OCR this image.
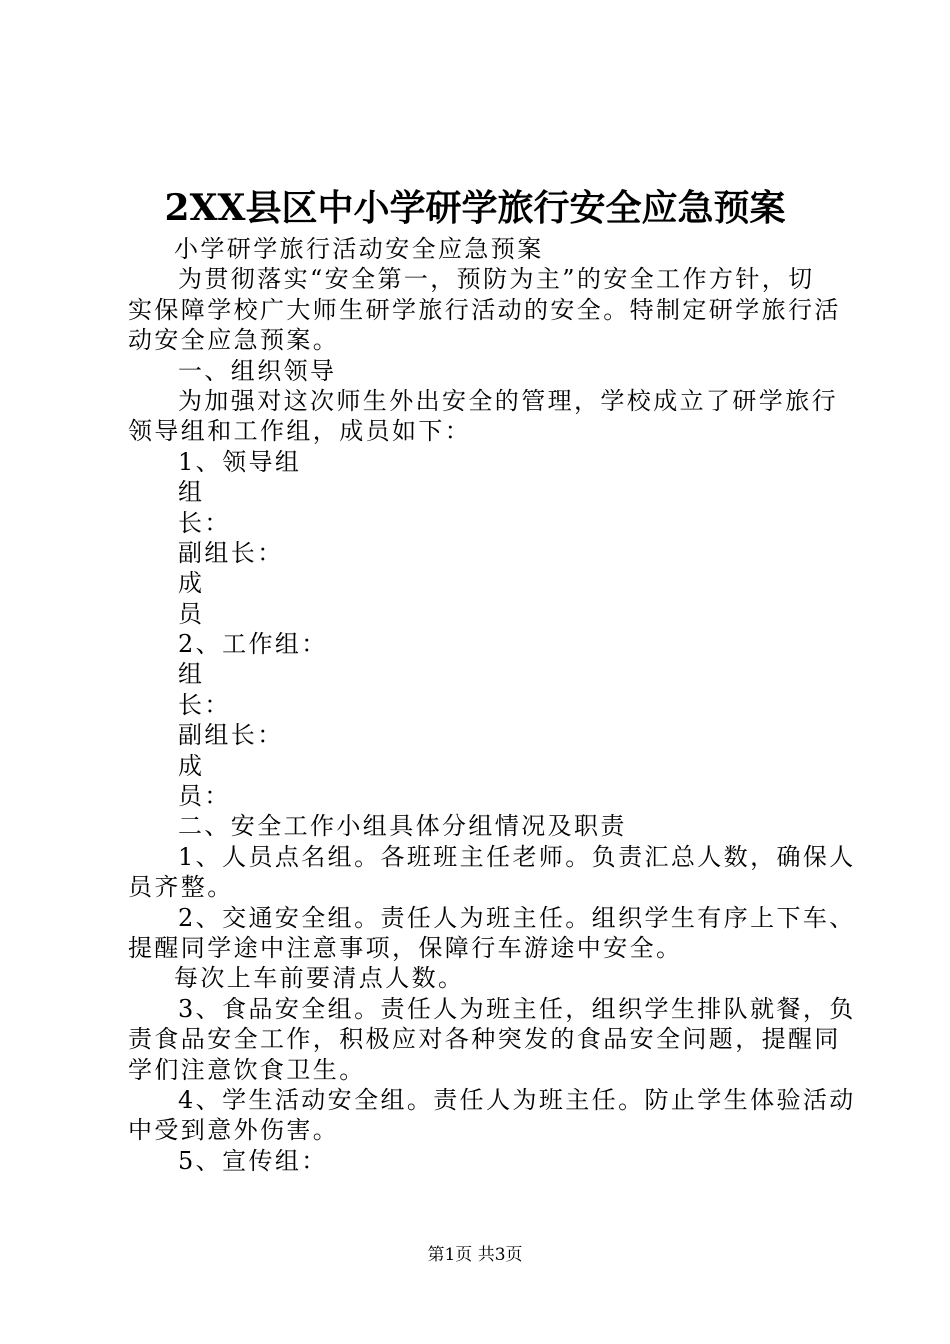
2XX县区中小学研学旅行安全应急预案
小学研学旅行活动安全应急预案
为贯彻落实“安全第一，预防为主”的安全工作方针，切
实保障学校广大师生研学旅行活动的安全。特制定研学旅行活
动安全应急预案。
一、组织领导
为加强对这次师生外出安全的管理，学校成立了研学旅行
领导组和工作组，成员如下：
1、领导组
组
长：
副组长：
成
员
2、工作组：
组
长：
副组长：
成
员：
二、安全工作小组具体分组情况及职责
1、人员点名组。各班班主任老师。负责汇总人数，确保人
员齐整。
2、交通安全组。责任人为班主任。组织学生有序上下车、
提醒同学途中注意事项，保障行车游途中安全。
每次上车前要清点人数。
3、食品安全组。责任人为班主任，组织学生排队就餐，负
责食品安全工作，积极应对各种突发的食品安全问题，提醒同
学们注意饮食卫生。
4、学生活动安全组。责任人为班主任。防止学生体验活动
中受到意外伤害。
5、宣传组：
第1页 共3页
